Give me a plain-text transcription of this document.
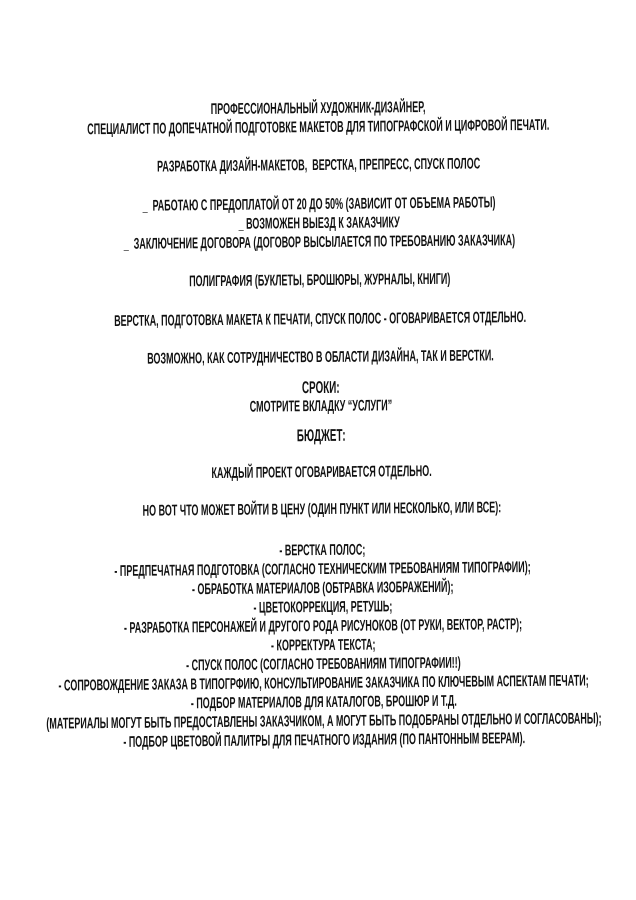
ПРОФЕССИОНАЛЬНЫЙ ХУДОЖНИК-ДИЗАЙНЕР,
СПЕЦИАЛИСТ ПО ДОПЕЧАТНОЙ ПОДГОТОВКЕ МАКЕТОВ ДЛЯ ТИПОГРАФСКОЙ И ЦИФРОВОЙ ПЕЧАТИ.
РАЗРАБОТКА ДИЗАЙН-МАКЕТОВ,  ВЕРСТКА, ПРЕПРЕСС, СПУСК ПОЛОС
_  РАБОТАЮ С ПРЕДОПЛАТОЙ ОТ 20 ДО 50% (ЗАВИСИТ ОТ ОБЪЕМА РАБОТЫ)
_ ВОЗМОЖЕН ВЫЕЗД К ЗАКАЗЧИКУ
_  ЗАКЛЮЧЕНИЕ ДОГОВОРА (ДОГОВОР ВЫСЫЛАЕТСЯ ПО ТРЕБОВАНИЮ ЗАКАЗЧИКА)
ПОЛИГРАФИЯ (БУКЛЕТЫ, БРОШЮРЫ, ЖУРНАЛЫ, КНИГИ)
ВЕРСТКА, ПОДГОТОВКА МАКЕТА К ПЕЧАТИ, СПУСК ПОЛОС - ОГОВАРИВАЕТСЯ ОТДЕЛЬНО.
ВОЗМОЖНО, КАК СОТРУДНИЧЕСТВО В ОБЛАСТИ ДИЗАЙНА, ТАК И ВЕРСТКИ.
СРОКИ:
СМОТРИТЕ ВКЛАДКУ “УСЛУГИ”
БЮДЖЕТ:
КАЖДЫЙ ПРОЕКТ ОГОВАРИВАЕТСЯ ОТДЕЛЬНО.
НО ВОТ ЧТО МОЖЕТ ВОЙТИ В ЦЕНУ (ОДИН ПУНКТ ИЛИ НЕСКОЛЬКО, ИЛИ ВСЕ):
- ВЕРСТКА ПОЛОС;
- ПРЕДПЕЧАТНАЯ ПОДГОТОВКА (СОГЛАСНО ТЕХНИЧЕСКИМ ТРЕБОВАНИЯМ ТИПОГРАФИИ);
- ОБРАБОТКА МАТЕРИАЛОВ (ОБТРАВКА ИЗОБРАЖЕНИЙ);
- ЦВЕТОКОРРЕКЦИЯ, РЕТУШЬ;
- РАЗРАБОТКА ПЕРСОНАЖЕЙ И ДРУГОГО РОДА РИСУНОКОВ (ОТ РУКИ, ВЕКТОР, РАСТР);
- КОРРЕКТУРА ТЕКСТА;
- СПУСК ПОЛОС (СОГЛАСНО ТРЕБОВАНИЯМ ТИПОГРАФИИ!!)
- СОПРОВОЖДЕНИЕ ЗАКАЗА В ТИПОГРФИЮ, КОНСУЛЬТИРОВАНИЕ ЗАКАЗЧИКА ПО КЛЮЧЕВЫМ АСПЕКТАМ ПЕЧАТИ;
- ПОДБОР МАТЕРИАЛОВ ДЛЯ КАТАЛОГОВ, БРОШЮР И Т.Д.
(МАТЕРИАЛЫ МОГУТ БЫТЬ ПРЕДОСТАВЛЕНЫ ЗАКАЗЧИКОМ, А МОГУТ БЫТЬ ПОДОБРАНЫ ОТДЕЛЬНО И СОГЛАСОВАНЫ);
- ПОДБОР ЦВЕТОВОЙ ПАЛИТРЫ ДЛЯ ПЕЧАТНОГО ИЗДАНИЯ (ПО ПАНТОННЫМ ВЕЕРАМ).
